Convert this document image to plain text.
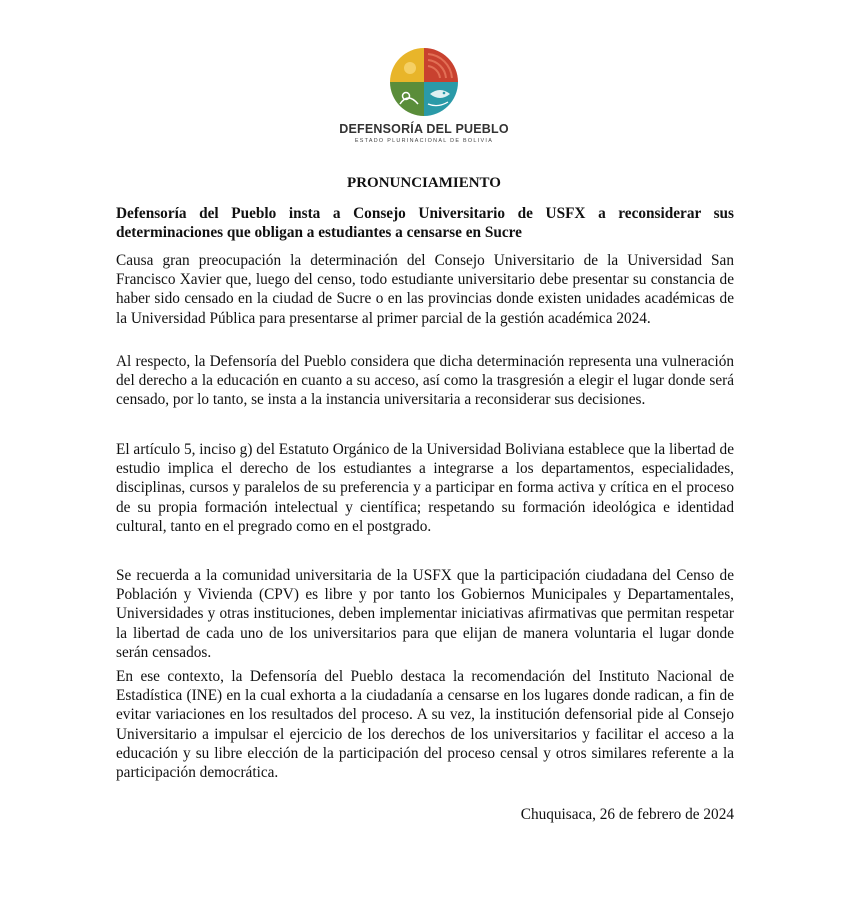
DEFENSORÍA DEL PUEBLO
ESTADO PLURINACIONAL DE BOLIVIA
PRONUNCIAMIENTO
Defensoría del Pueblo insta a Consejo Universitario de USFX a reconsiderar sus determinaciones que obligan a estudiantes a censarse en Sucre

Causa gran preocupación la determinación del Consejo Universitario de la Universidad San Francisco Xavier que, luego del censo, todo estudiante universitario debe presentar su constancia de haber sido censado en la ciudad de Sucre o en las provincias donde existen unidades académicas de la Universidad Pública para presentarse al primer parcial de la gestión académica 2024.

Al respecto, la Defensoría del Pueblo considera que dicha determinación representa una vulneración del derecho a la educación en cuanto a su acceso, así como la trasgresión a elegir el lugar donde será censado, por lo tanto, se insta a la instancia universitaria a reconsiderar sus decisiones.

El artículo 5, inciso g) del Estatuto Orgánico de la Universidad Boliviana establece que la libertad de estudio implica el derecho de los estudiantes a integrarse a los departamentos, especialidades, disciplinas, cursos y paralelos de su preferencia y a participar en forma activa y crítica en el proceso de su propia formación intelectual y científica; respetando su formación ideológica e identidad cultural, tanto en el pregrado como en el postgrado.

Se recuerda a la comunidad universitaria de la USFX que la participación ciudadana del Censo de Población y Vivienda (CPV) es libre y por tanto los Gobiernos Municipales y Departamentales, Universidades y otras instituciones, deben implementar iniciativas afirmativas que permitan respetar la libertad de cada uno de los universitarios para que elijan de manera voluntaria el lugar donde serán censados.

En ese contexto, la Defensoría del Pueblo destaca la recomendación del Instituto Nacional de Estadística (INE) en la cual exhorta a la ciudadanía a censarse en los lugares donde radican, a fin de evitar variaciones en los resultados del proceso. A su vez, la institución defensorial pide al Consejo Universitario a impulsar el ejercicio de los derechos de los universitarios y facilitar el acceso a la educación y su libre elección de la participación del proceso censal y otros similares referente a la participación democrática.

Chuquisaca, 26 de febrero de 2024
